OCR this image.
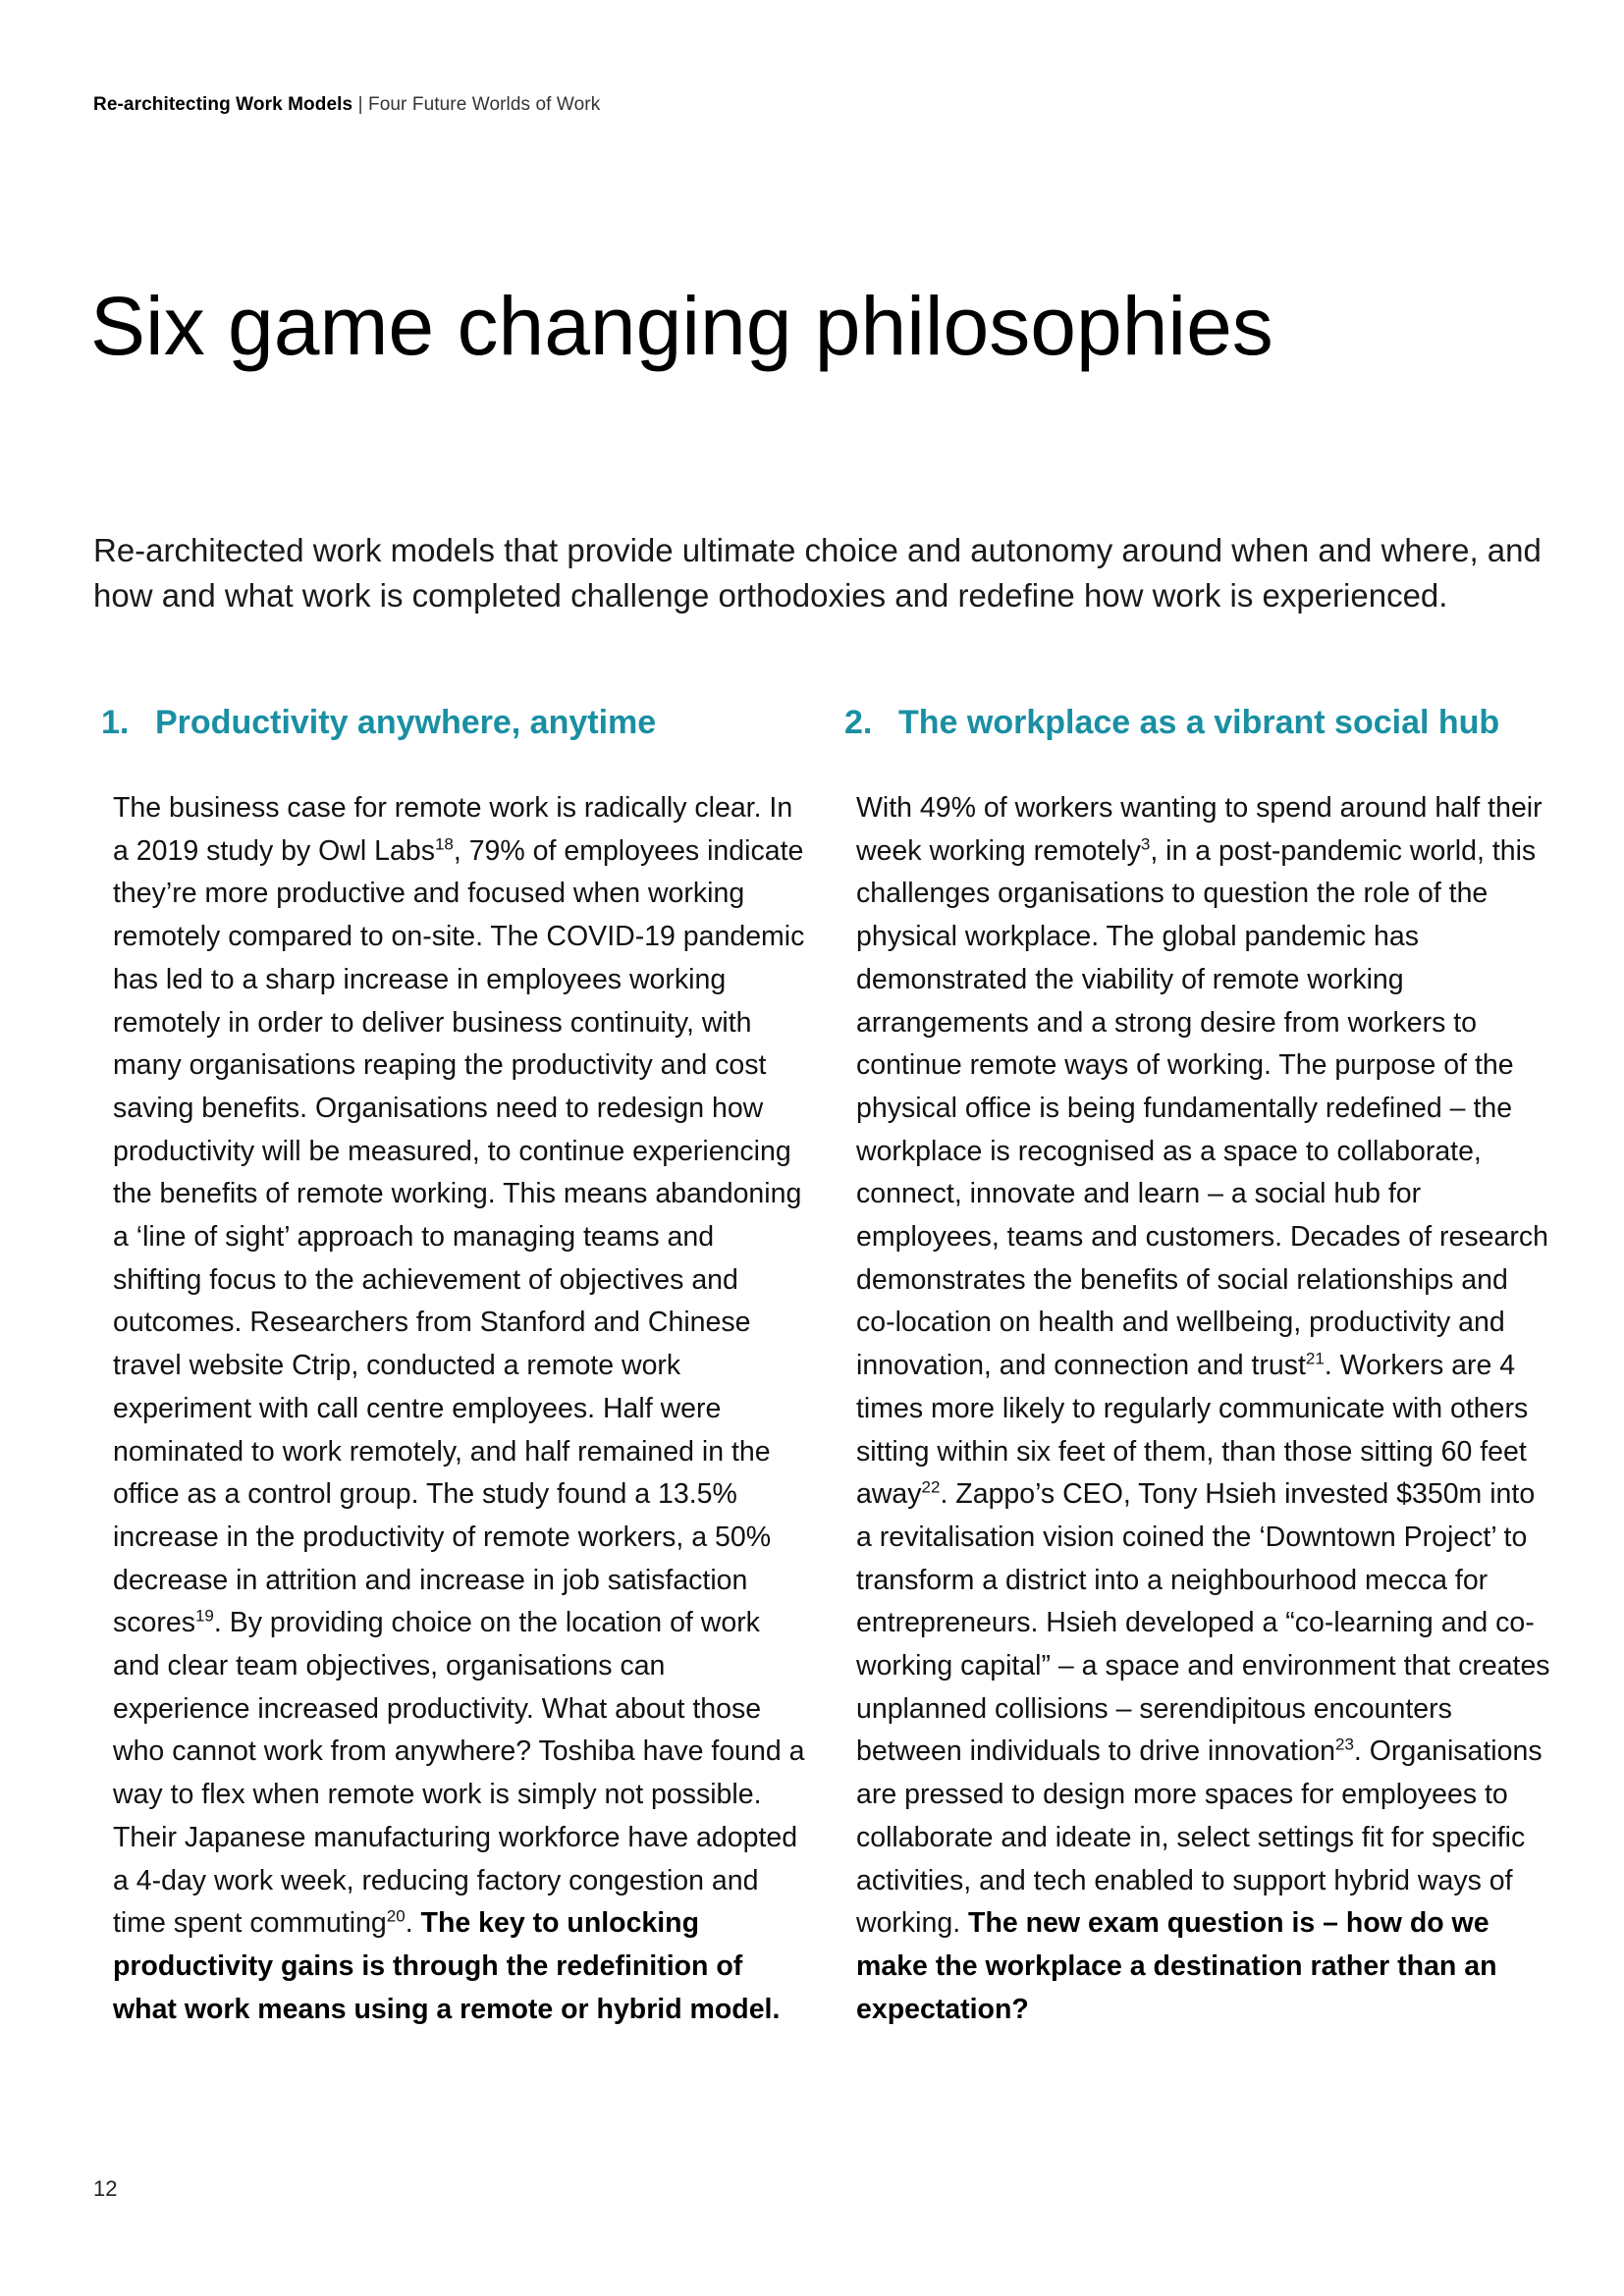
Re-architecting Work Models | Four Future Worlds of Work
Six game changing philosophies

Re-architected work models that provide ultimate choice and autonomy around when and where, and how and what work is completed challenge orthodoxies and redefine how work is experienced.

1. Productivity anywhere, anytime

The business case for remote work is radically clear. In a 2019 study by Owl Labs$^{18}$, 79% of employees indicate they’re more productive and focused when working remotely compared to on-site. The COVID-19 pandemic has led to a sharp increase in employees working remotely in order to deliver business continuity, with many organisations reaping the productivity and cost saving benefits. Organisations need to redesign how productivity will be measured, to continue experiencing the benefits of remote working. This means abandoning a ‘line of sight’ approach to managing teams and shifting focus to the achievement of objectives and outcomes. Researchers from Stanford and Chinese travel website Ctrip, conducted a remote work experiment with call centre employees. Half were nominated to work remotely, and half remained in the office as a control group. The study found a 13.5% increase in the productivity of remote workers, a 50% decrease in attrition and increase in job satisfaction scores$^{19}$. By providing choice on the location of work and clear team objectives, organisations can experience increased productivity. What about those who cannot work from anywhere? Toshiba have found a way to flex when remote work is simply not possible. Their Japanese manufacturing workforce have adopted a 4-day work week, reducing factory congestion and time spent commuting$^{20}$. The key to unlocking productivity gains is through the redefinition of what work means using a remote or hybrid model.

2. The workplace as a vibrant social hub

With 49% of workers wanting to spend around half their week working remotely$^3$, in a post-pandemic world, this challenges organisations to question the role of the physical workplace. The global pandemic has demonstrated the viability of remote working arrangements and a strong desire from workers to continue remote ways of working. The purpose of the physical office is being fundamentally redefined – the workplace is recognised as a space to collaborate, connect, innovate and learn – a social hub for employees, teams and customers. Decades of research demonstrates the benefits of social relationships and co-location on health and wellbeing, productivity and innovation, and connection and trust$^{21}$. Workers are 4 times more likely to regularly communicate with others sitting within six feet of them, than those sitting 60 feet away$^{22}$. Zappo’s CEO, Tony Hsieh invested $350m into a revitalisation vision coined the ‘Downtown Project’ to transform a district into a neighbourhood mecca for entrepreneurs. Hsieh developed a “co-learning and co-working capital” – a space and environment that creates unplanned collisions – serendipitous encounters between individuals to drive innovation$^{23}$. Organisations are pressed to design more spaces for employees to collaborate and ideate in, select settings fit for specific activities, and tech enabled to support hybrid ways of working. The new exam question is – how do we make the workplace a destination rather than an expectation?

12
